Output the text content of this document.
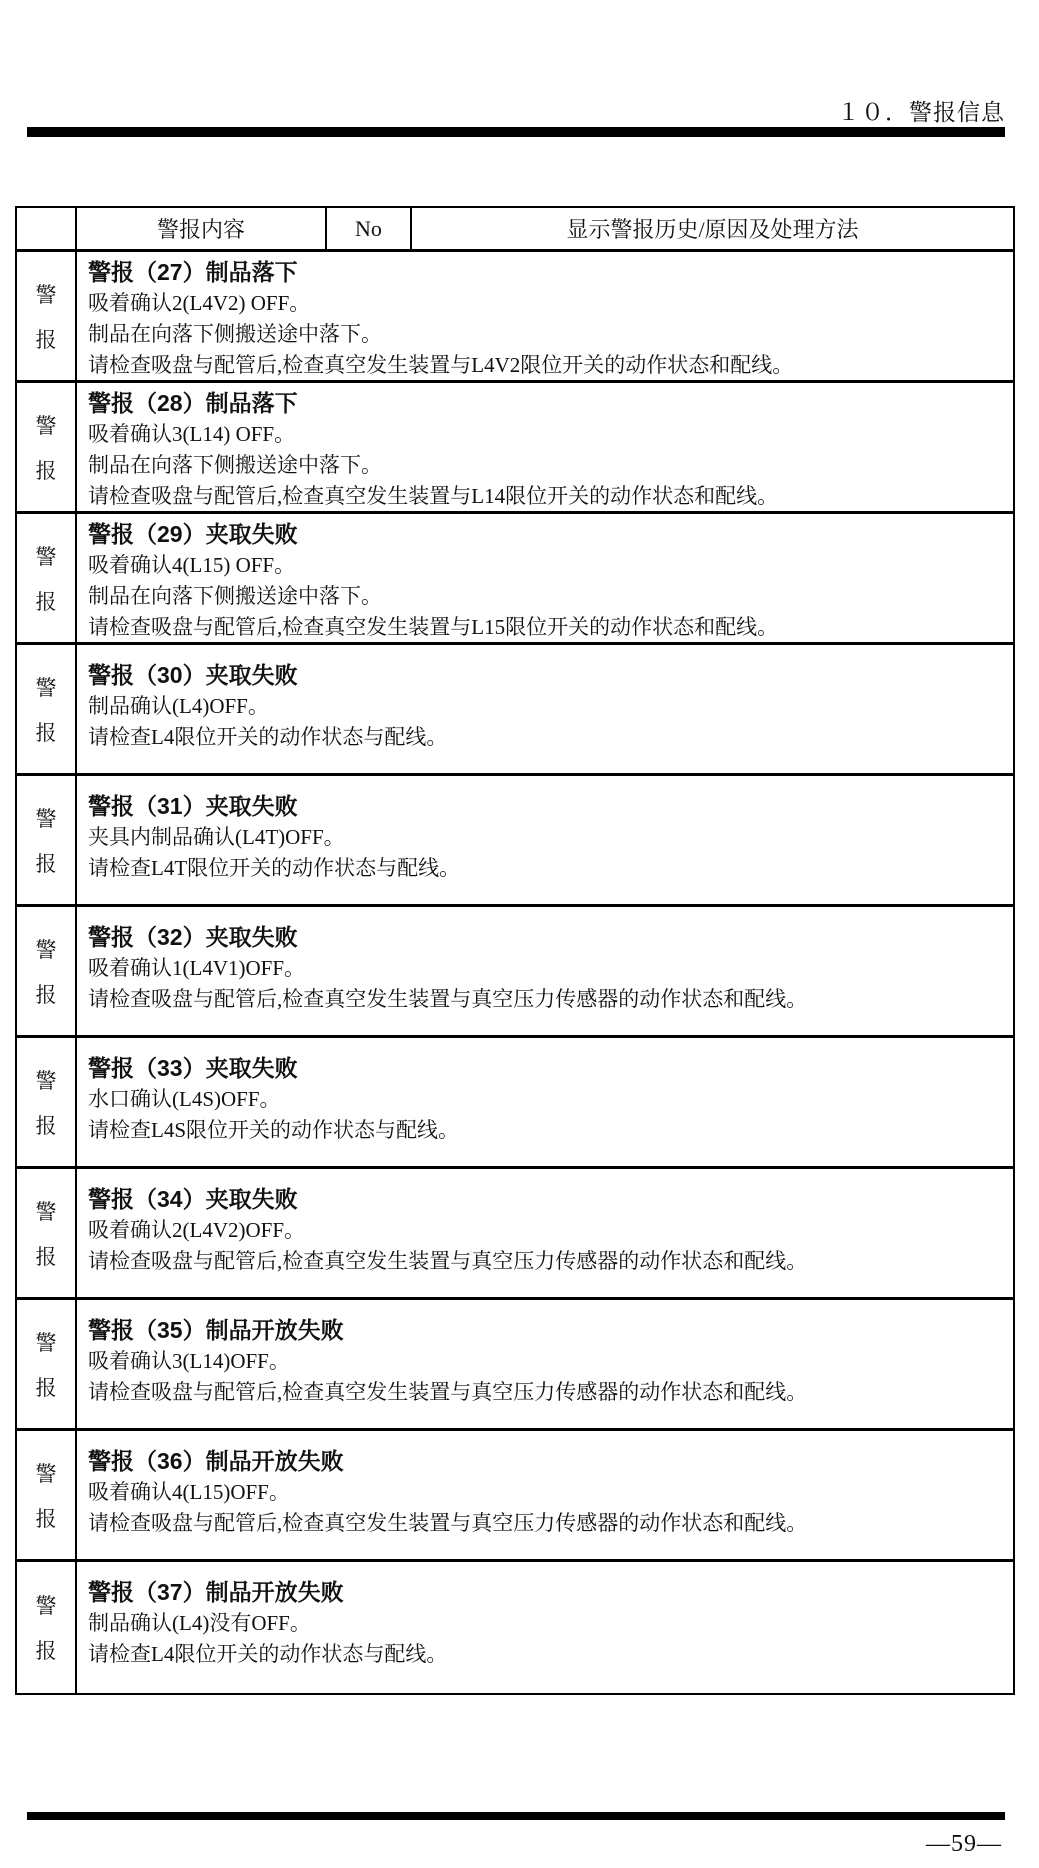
１０．警报信息
警报内容	No	显示警报历史/原因及处理方法
警
报
警报（27）制品落下
吸着确认2(L4V2) OFF。
制品在向落下侧搬送途中落下。
请检查吸盘与配管后,检查真空发生装置与L4V2限位开关的动作状态和配线。
警
报
警报（28）制品落下
吸着确认3(L14) OFF。
制品在向落下侧搬送途中落下。
请检查吸盘与配管后,检查真空发生装置与L14限位开关的动作状态和配线。
警
报
警报（29）夹取失败
吸着确认4(L15) OFF。
制品在向落下侧搬送途中落下。
请检查吸盘与配管后,检查真空发生装置与L15限位开关的动作状态和配线。
警
报
警报（30）夹取失败
制品确认(L4)OFF。
请检查L4限位开关的动作状态与配线。
警
报
警报（31）夹取失败
夹具内制品确认(L4T)OFF。
请检查L4T限位开关的动作状态与配线。
警
报
警报（32）夹取失败
吸着确认1(L4V1)OFF。
请检查吸盘与配管后,检查真空发生装置与真空压力传感器的动作状态和配线。
警
报
警报（33）夹取失败
水口确认(L4S)OFF。
请检查L4S限位开关的动作状态与配线。
警
报
警报（34）夹取失败
吸着确认2(L4V2)OFF。
请检查吸盘与配管后,检查真空发生装置与真空压力传感器的动作状态和配线。
警
报
警报（35）制品开放失败
吸着确认3(L14)OFF。
请检查吸盘与配管后,检查真空发生装置与真空压力传感器的动作状态和配线。
警
报
警报（36）制品开放失败
吸着确认4(L15)OFF。
请检查吸盘与配管后,检查真空发生装置与真空压力传感器的动作状态和配线。
警
报
警报（37）制品开放失败
制品确认(L4)没有OFF。
请检查L4限位开关的动作状态与配线。
—59—
